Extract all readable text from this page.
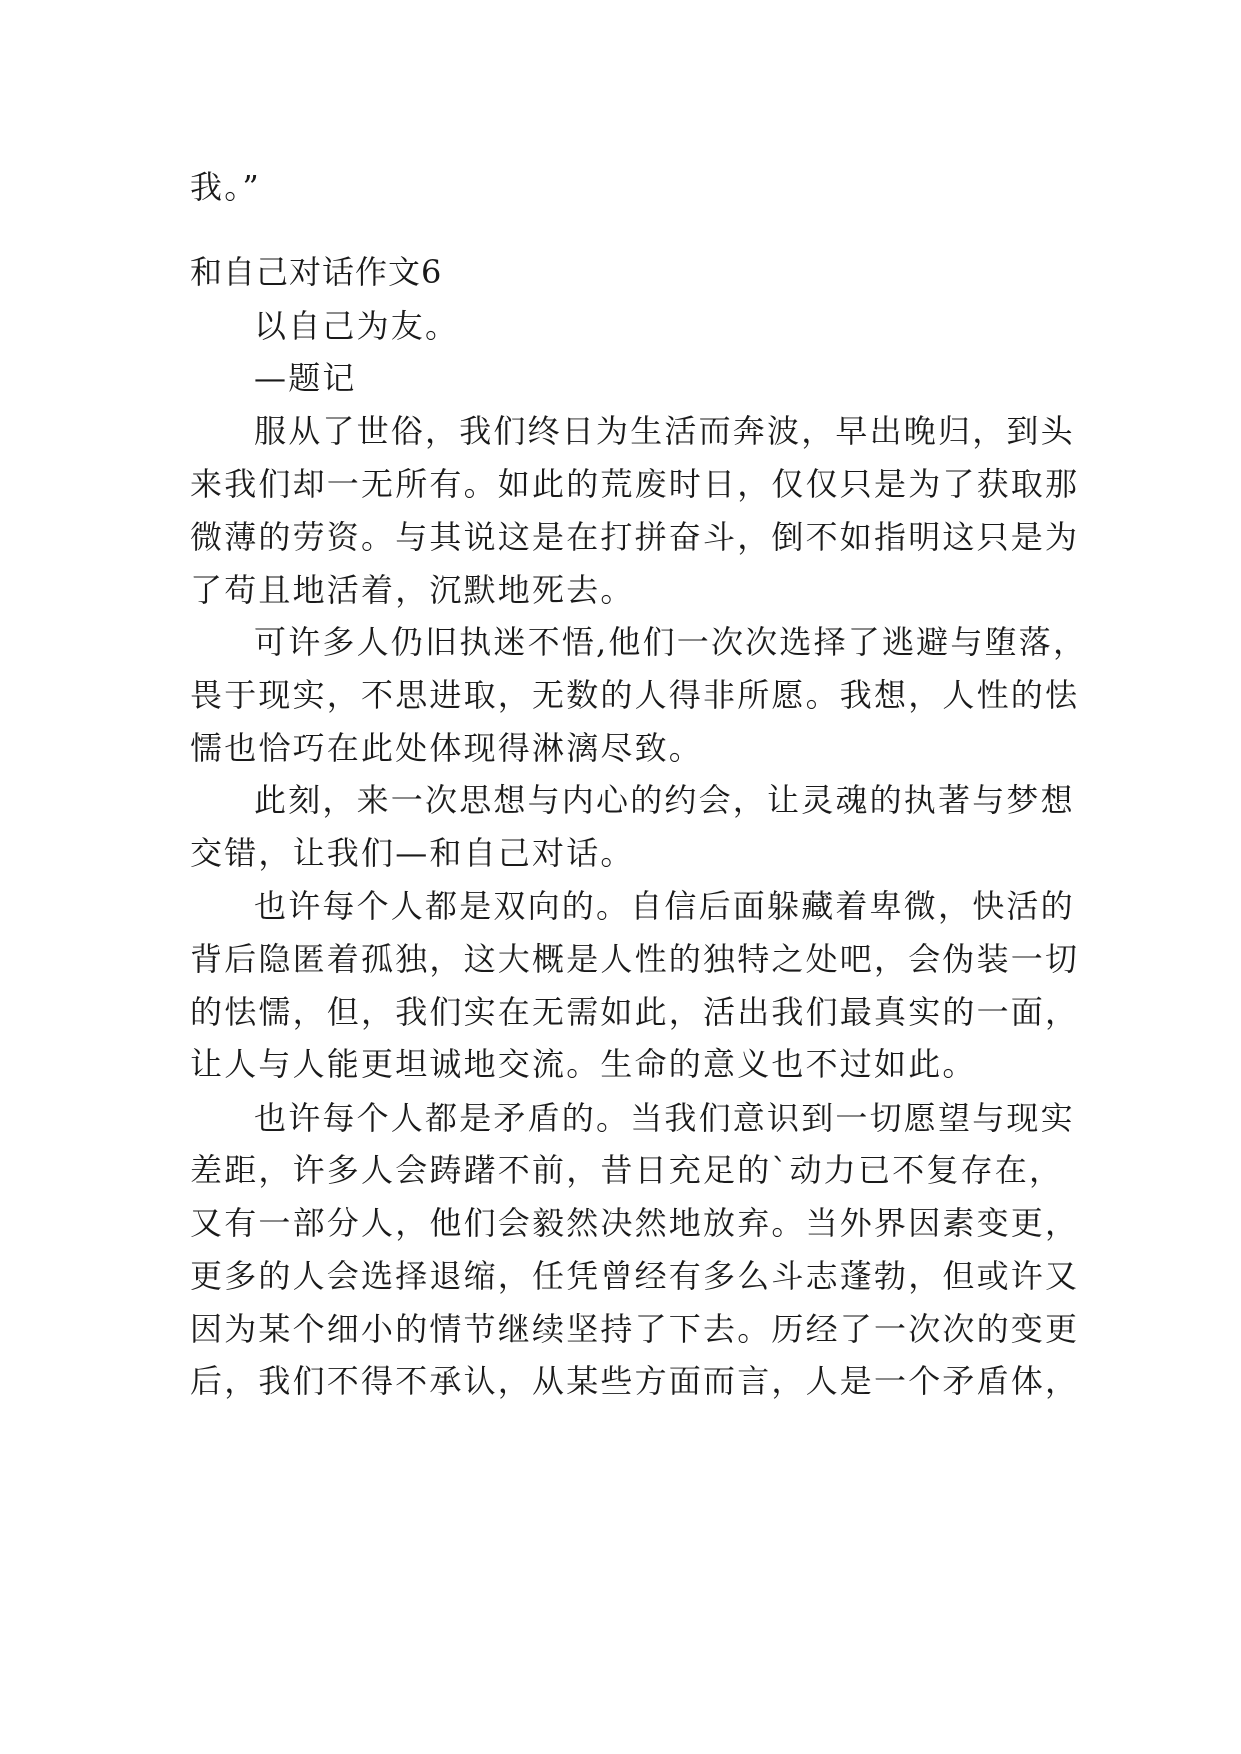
我。”
和自己对话作文6
以自己为友。
—题记
服从了世俗，我们终日为生活而奔波，早出晚归，到头
来我们却一无所有。如此的荒废时日，仅仅只是为了获取那
微薄的劳资。与其说这是在打拼奋斗，倒不如指明这只是为
了苟且地活着，沉默地死去。
可许多人仍旧执迷不悟,他们一次次选择了逃避与堕落，
畏于现实，不思进取，无数的人得非所愿。我想，人性的怯
懦也恰巧在此处体现得淋漓尽致。
此刻，来一次思想与内心的约会，让灵魂的执著与梦想
交错，让我们—和自己对话。
也许每个人都是双向的。自信后面躲藏着卑微，快活的
背后隐匿着孤独，这大概是人性的独特之处吧，会伪装一切
的怯懦，但，我们实在无需如此，活出我们最真实的一面，
让人与人能更坦诚地交流。生命的意义也不过如此。
也许每个人都是矛盾的。当我们意识到一切愿望与现实
差距，许多人会踌躇不前，昔日充足的`动力已不复存在，
又有一部分人，他们会毅然决然地放弃。当外界因素变更，
更多的人会选择退缩，任凭曾经有多么斗志蓬勃，但或许又
因为某个细小的情节继续坚持了下去。历经了一次次的变更
后，我们不得不承认，从某些方面而言，人是一个矛盾体，
